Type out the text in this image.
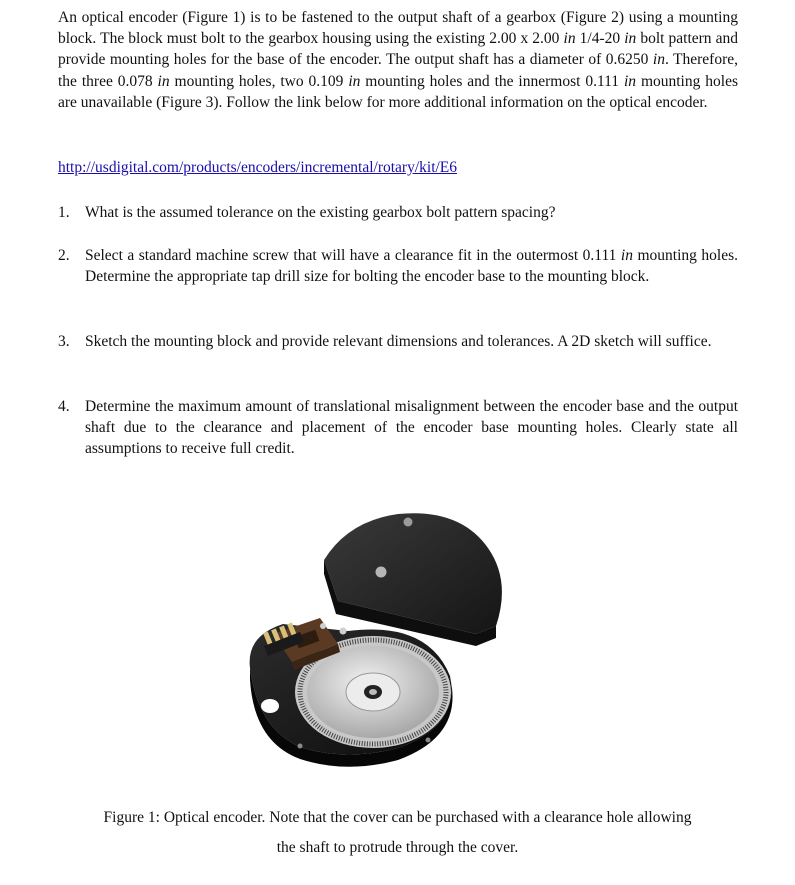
An optical encoder (Figure 1) is to be fastened to the output shaft of a gearbox (Figure 2) using a mounting block. The block must bolt to the gearbox housing using the existing 2.00 x 2.00 in 1/4-20 in bolt pattern and provide mounting holes for the base of the encoder. The output shaft has a diameter of 0.6250 in. Therefore, the three 0.078 in mounting holes, two 0.109 in mounting holes and the innermost 0.111 in mounting holes are unavailable (Figure 3). Follow the link below for more additional information on the optical encoder.

http://usdigital.com/products/encoders/incremental/rotary/kit/E6
1. What is the assumed tolerance on the existing gearbox bolt pattern spacing?
2. Select a standard machine screw that will have a clearance fit in the outermost 0.111 in mounting holes. Determine the appropriate tap drill size for bolting the encoder base to the mounting block.
3. Sketch the mounting block and provide relevant dimensions and tolerances. A 2D sketch will suffice.
4. Determine the maximum amount of translational misalignment between the encoder base and the output shaft due to the clearance and placement of the encoder base mounting holes. Clearly state all assumptions to receive full credit.
Figure 1: Optical encoder. Note that the cover can be purchased with a clearance hole allowing
the shaft to protrude through the cover.
